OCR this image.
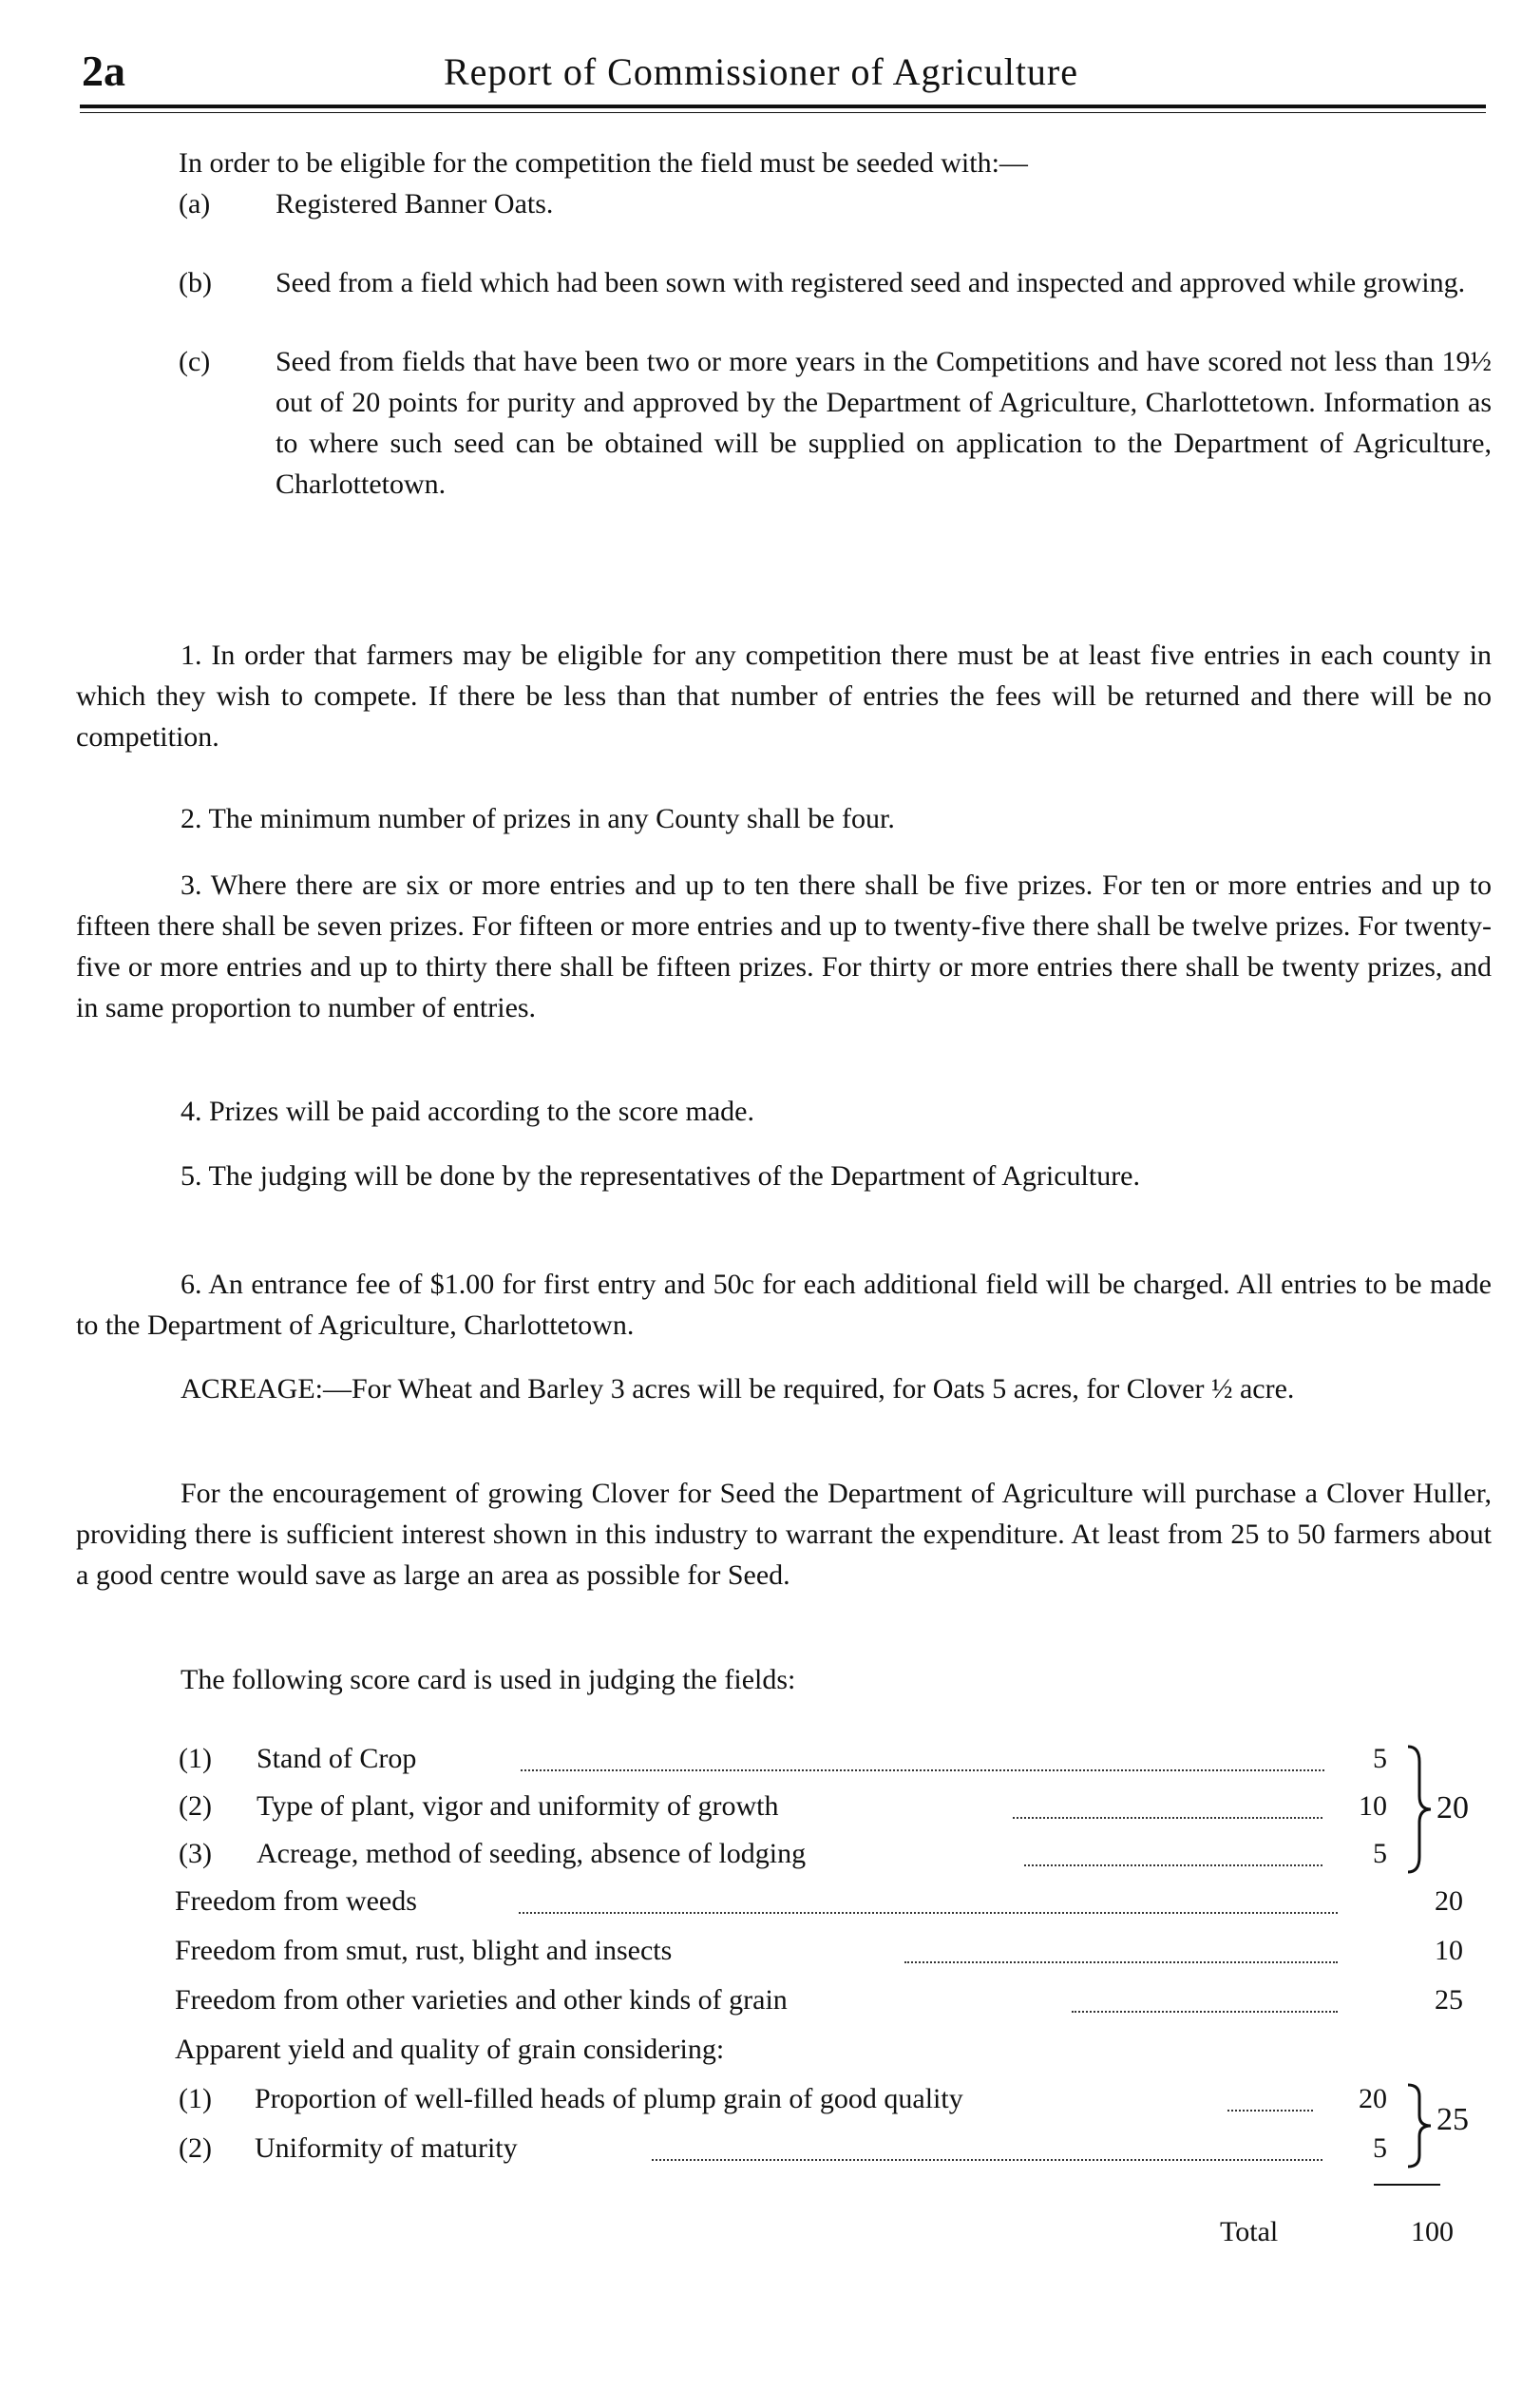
2a	Report of Commissioner of Agriculture

In order to be eligible for the competition the field must be seeded with:—

(a) Registered Banner Oats.
(b) Seed from a field which had been sown with registered seed and inspected and approved while growing.
(c) Seed from fields that have been two or more years in the Competitions and have scored not less than 19½ out of 20 points for purity and approved by the Department of Agriculture, Charlottetown. Information as to where such seed can be obtained will be supplied on application to the Department of Agriculture, Charlottetown.

1. In order that farmers may be eligible for any competition there must be at least five entries in each county in which they wish to compete. If there be less than that number of entries the fees will be returned and there will be no competition.

2. The minimum number of prizes in any County shall be four.

3. Where there are six or more entries and up to ten there shall be five prizes. For ten or more entries and up to fifteen there shall be seven prizes. For fifteen or more entries and up to twenty-five there shall be twelve prizes. For twenty-five or more entries and up to thirty there shall be fifteen prizes. For thirty or more entries there shall be twenty prizes, and in same proportion to number of entries.

4. Prizes will be paid according to the score made.

5. The judging will be done by the representatives of the Department of Agriculture.

6. An entrance fee of $1.00 for first entry and 50c for each additional field will be charged. All entries to be made to the Department of Agriculture, Charlottetown.

ACREAGE:—For Wheat and Barley 3 acres will be required, for Oats 5 acres, for Clover ½ acre.

For the encouragement of growing Clover for Seed the Department of Agriculture will purchase a Clover Huller, providing there is sufficient interest shown in this industry to warrant the expenditure. At least from 25 to 50 farmers about a good centre would save as large an area as possible for Seed.

The following score card is used in judging the fields:

(1) Stand of Crop	5
(2) Type of plant, vigor and uniformity of growth	10
(3) Acreage, method of seeding, absence of lodging	5
20
Freedom from weeds	20
Freedom from smut, rust, blight and insects	10
Freedom from other varieties and other kinds of grain	25
Apparent yield and quality of grain considering:
(1) Proportion of well-filled heads of plump grain of good quality	20
(2) Uniformity of maturity	5
25
Total	100
